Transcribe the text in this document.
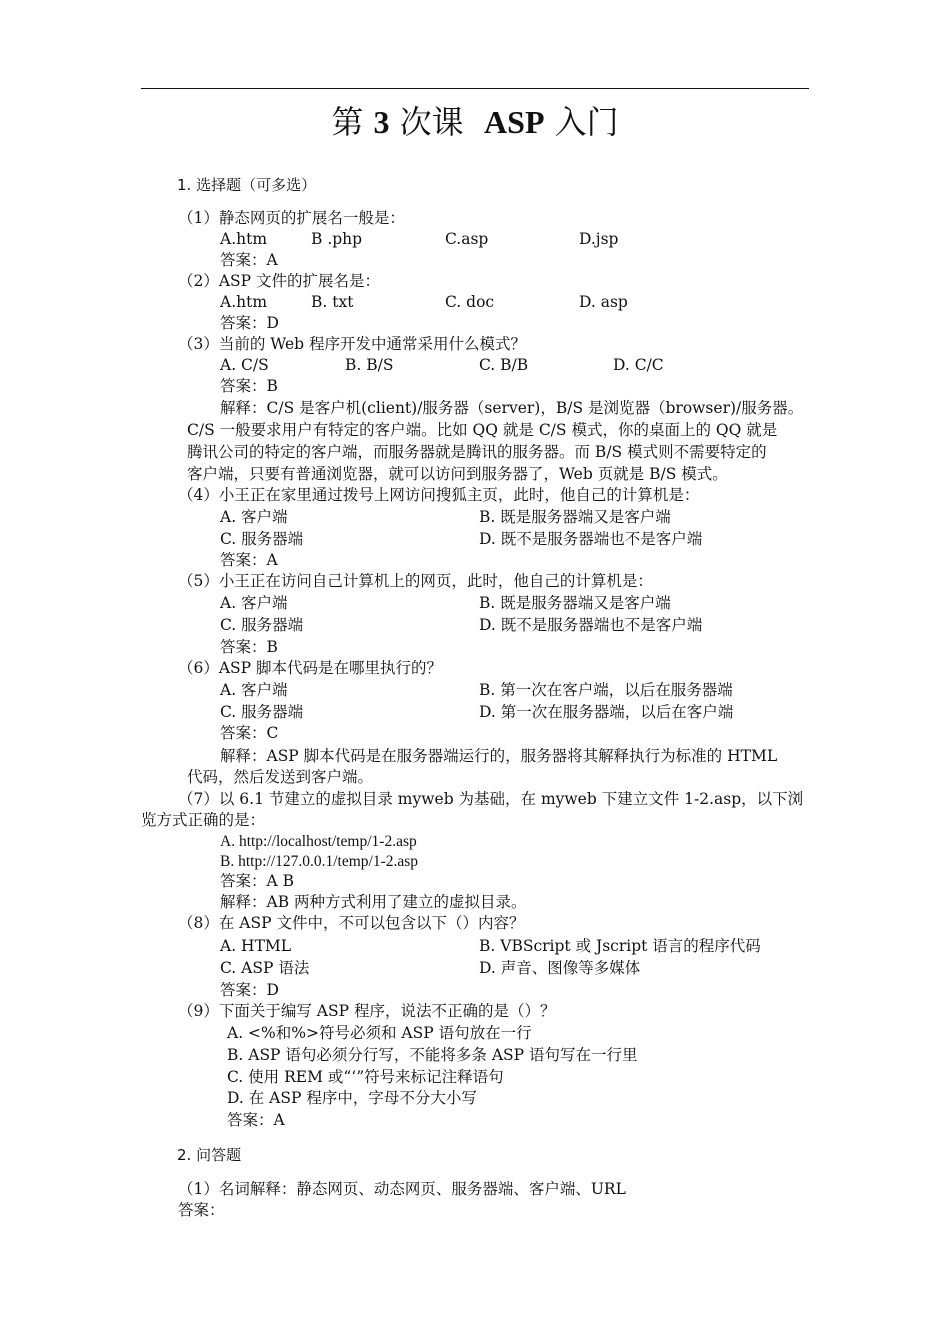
第 3 次课 ASP 入门
1. 选择题（可多选）
（1）静态网页的扩展名一般是：
A.htm	B .php	C.asp	D.jsp
答案：A
（2）ASP 文件的扩展名是：
A.htm	B. txt	C. doc	D. asp
答案：D
（3）当前的 Web 程序开发中通常采用什么模式？
A. C/S	B. B/S	C. B/B	D. C/C
答案：B
解释：C/S 是客户机(client)/服务器（server)，B/S 是浏览器（browser)/服务器。
C/S 一般要求用户有特定的客户端。比如 QQ 就是 C/S 模式，你的桌面上的 QQ 就是
腾讯公司的特定的客户端，而服务器就是腾讯的服务器。而 B/S 模式则不需要特定的
客户端，只要有普通浏览器，就可以访问到服务器了，Web 页就是 B/S 模式。
（4）小王正在家里通过拨号上网访问搜狐主页，此时，他自己的计算机是：
A. 客户端	B. 既是服务器端又是客户端
C. 服务器端	D. 既不是服务器端也不是客户端
答案：A
（5）小王正在访问自己计算机上的网页，此时，他自己的计算机是：
A. 客户端	B. 既是服务器端又是客户端
C. 服务器端	D. 既不是服务器端也不是客户端
答案：B
（6）ASP 脚本代码是在哪里执行的？
A. 客户端	B. 第一次在客户端，以后在服务器端
C. 服务器端	D. 第一次在服务器端，以后在客户端
答案：C
解释：ASP 脚本代码是在服务器端运行的，服务器将其解释执行为标准的 HTML
代码，然后发送到客户端。
（7）以 6.1 节建立的虚拟目录 myweb 为基础，在 myweb 下建立文件 1-2.asp，以下浏
览方式正确的是：
A. http://localhost/temp/1-2.asp
B. http://127.0.0.1/temp/1-2.asp
答案：A B
解释：AB 两种方式利用了建立的虚拟目录。
（8）在 ASP 文件中，不可以包含以下（）内容？
A. HTML	B. VBScript 或 Jscript 语言的程序代码
C. ASP 语法	D. 声音、图像等多媒体
答案：D
（9）下面关于编写 ASP 程序，说法不正确的是（）？
A. <%和%>符号必须和 ASP 语句放在一行
B. ASP 语句必须分行写，不能将多条 ASP 语句写在一行里
C. 使用 REM 或“‘”符号来标记注释语句
D. 在 ASP 程序中，字母不分大小写
答案：A
2. 问答题
（1）名词解释：静态网页、动态网页、服务器端、客户端、URL
答案：
